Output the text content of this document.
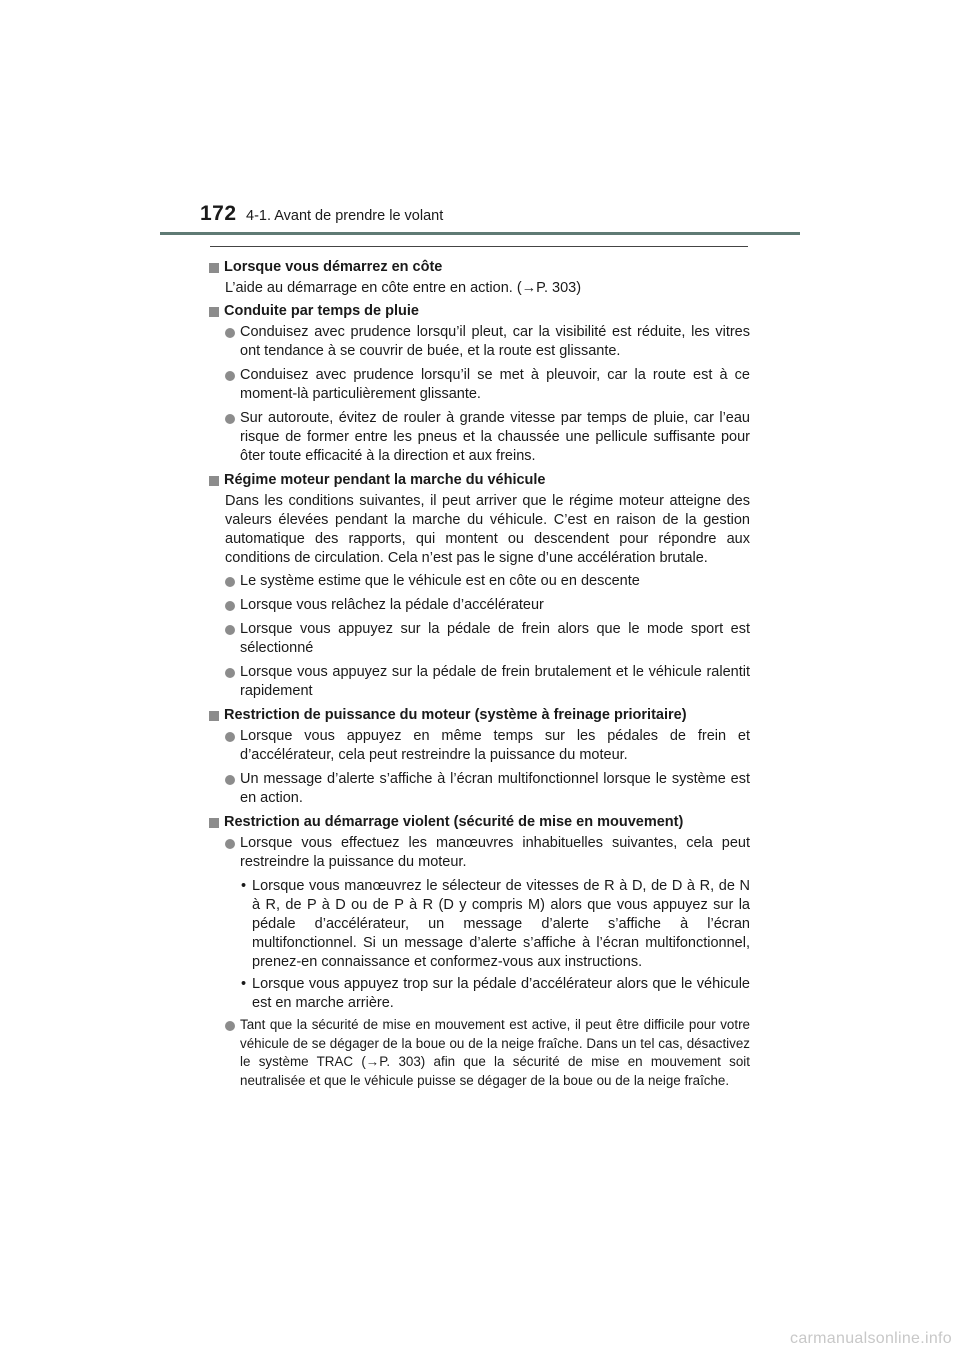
172 4-1. Avant de prendre le volant
Lorsque vous démarrez en côte
L’aide au démarrage en côte entre en action. (→P. 303)
Conduite par temps de pluie
Conduisez avec prudence lorsqu’il pleut, car la visibilité est réduite, les vitres ont tendance à se couvrir de buée, et la route est glissante.
Conduisez avec prudence lorsqu’il se met à pleuvoir, car la route est à ce moment-là particulièrement glissante.
Sur autoroute, évitez de rouler à grande vitesse par temps de pluie, car l’eau risque de former entre les pneus et la chaussée une pellicule suffisante pour ôter toute efficacité à la direction et aux freins.
Régime moteur pendant la marche du véhicule
Dans les conditions suivantes, il peut arriver que le régime moteur atteigne des valeurs élevées pendant la marche du véhicule. C’est en raison de la gestion automatique des rapports, qui montent ou descendent pour répondre aux conditions de circulation. Cela n’est pas le signe d’une accélération brutale.
Le système estime que le véhicule est en côte ou en descente
Lorsque vous relâchez la pédale d’accélérateur
Lorsque vous appuyez sur la pédale de frein alors que le mode sport est sélectionné
Lorsque vous appuyez sur la pédale de frein brutalement et le véhicule ralentit rapidement
Restriction de puissance du moteur (système à freinage prioritaire)
Lorsque vous appuyez en même temps sur les pédales de frein et d’accélérateur, cela peut restreindre la puissance du moteur.
Un message d’alerte s’affiche à l’écran multifonctionnel lorsque le système est en action.
Restriction au démarrage violent (sécurité de mise en mouvement)
Lorsque vous effectuez les manœuvres inhabituelles suivantes, cela peut restreindre la puissance du moteur.
• Lorsque vous manœuvrez le sélecteur de vitesses de R à D, de D à R, de N à R, de P à D ou de P à R (D y compris M) alors que vous appuyez sur la pédale d’accélérateur, un message d’alerte s’affiche à l’écran multifonctionnel. Si un message d’alerte s’affiche à l’écran multifonctionnel, prenez-en connaissance et conformez-vous aux instructions.
• Lorsque vous appuyez trop sur la pédale d’accélérateur alors que le véhicule est en marche arrière.
Tant que la sécurité de mise en mouvement est active, il peut être difficile pour votre véhicule de se dégager de la boue ou de la neige fraîche. Dans un tel cas, désactivez le système TRAC (→P. 303) afin que la sécurité de mise en mouvement soit neutralisée et que le véhicule puisse se dégager de la boue ou de la neige fraîche.
carmanualsonline.info
